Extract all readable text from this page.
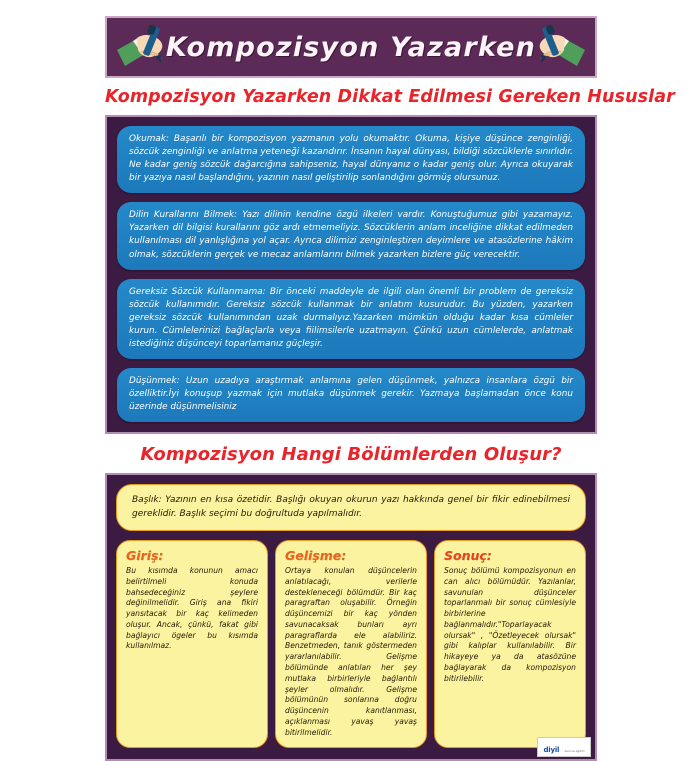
Kompozisyon Yazarken
Kompozisyon Yazarken Dikkat Edilmesi Gereken Hususlar
Okumak: Başarılı bir kompozisyon yazmanın yolu okumaktır. Okuma, kişiye düşünce zenginliği, sözcük zenginliği ve anlatma yeteneği kazandırır. İnsanın hayal dünyası, bildiği sözcüklerle sınırlıdır. Ne kadar geniş sözcük dağarcığına sahipseniz, hayal dünyanız o kadar geniş olur. Ayrıca okuyarak bir yazıya nasıl başlandığını, yazının nasıl geliştirilip sonlandığını görmüş olursunuz.
Dilin Kurallarını Bilmek: Yazı dilinin kendine özgü ilkeleri vardır. Konuştuğumuz gibi yazamayız. Yazarken dil bilgisi kurallarını göz ardı etmemeliyiz. Sözcüklerin anlam inceliğine dikkat edilmeden kullanılması dil yanlışlığına yol açar. Ayrıca dilimizi zenginleştiren deyimlere ve atasözlerine hâkim olmak, sözcüklerin gerçek ve mecaz anlamlarını bilmek yazarken bizlere güç verecektir.
Gereksiz Sözcük Kullanmama: Bir önceki maddeyle de ilgili olan önemli bir problem de gereksiz sözcük kullanımıdır. Gereksiz sözcük kullanmak bir anlatım kusurudur. Bu yüzden, yazarken gereksiz sözcük kullanımından uzak durmalıyız.Yazarken mümkün olduğu kadar kısa cümleler kurun. Cümlelerinizi bağlaçlarla veya fiilimsilerle uzatmayın. Çünkü uzun cümlelerde, anlatmak istediğiniz düşünceyi toparlamanız güçleşir.
Düşünmek: Uzun uzadıya araştırmak anlamına gelen düşünmek, yalnızca insanlara özgü bir özelliktir.İyi konuşup yazmak için mutlaka düşünmek gerekir. Yazmaya başlamadan önce konu üzerinde düşünmelisiniz
Kompozisyon Hangi Bölümlerden Oluşur?
Başlık: Yazının en kısa özetidir. Başlığı okuyan okurun yazı hakkında genel bir fikir edinebilmesi gereklidir. Başlık seçimi bu doğrultuda yapılmalıdır.
Giriş:
Bu kısımda konunun amacı belirtilmeli konuda bahsedeceğiniz şeylere değinilmelidir. Giriş ana fikiri yansıtacak bir kaç kelimeden oluşur. Ancak, çünkü, fakat gibi bağlayıcı ögeler bu kısımda kullanılmaz.
Gelişme:
Ortaya konulan düşüncelerin anlatılacağı, verilerle destekleneceği bölümdür. Bir kaç paragraftan oluşabilir. Örneğin düşüncemizi bir kaç yönden savunacaksak bunları ayrı paragraflarda ele alabiliriz. Benzetmeden, tanık göstermeden yararlanılabilir. Gelişme bölümünde anlatılan her şey mutlaka birbirleriyle bağlantılı şeyler olmalıdır. Gelişme bölümünün sonlarına doğru düşüncenin kanıtlanması, açıklanması yavaş yavaş bitirilmelidir.
Sonuç:
Sonuç bölümü kompozisyonun en can alıcı bölümüdür. Yazılanlar, savunulan düşünceler toparlanmalı bir sonuç cümlesiyle birbirlerine bağlanmalıdır."Toparlayacak olursak" , "Özetleyecek olursak" gibi kalıplar kullanılabilir. Bir hikayeye ya da atasözüne bağlayarak da kompozisyon bitirilebilir.
diyil ders ve eğitim
